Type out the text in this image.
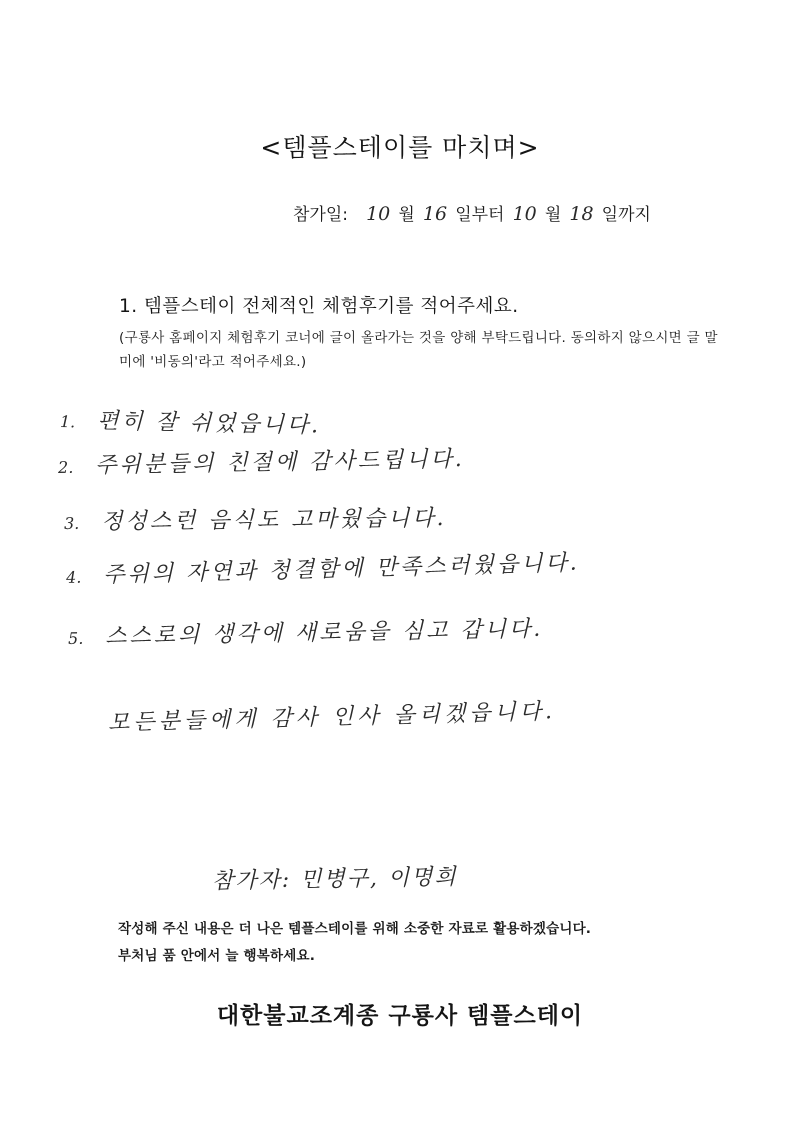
<템플스테이를 마치며>
참가일: 10 월 16 일부터 10 월 18 일까지
1. 템플스테이 전체적인 체험후기를 적어주세요.
(구룡사 홈페이지 체험후기 코너에 글이 올라가는 것을 양해 부탁드립니다. 동의하지 않으시면 글 말미에 '비동의'라고 적어주세요.)
1. 편히 잘 쉬었읍니다.
2. 주위분들의 친절에 감사드립니다.
3. 정성스런 음식도 고마웠습니다.
4. 주위의 자연과 청결함에 만족스러웠읍니다.
5. 스스로의 생각에 새로움을 심고 갑니다.
모든분들에게 감사 인사 올리겠읍니다.
참가자: 민병구, 이명희
작성해 주신 내용은 더 나은 템플스테이를 위해 소중한 자료로 활용하겠습니다.
부처님 품 안에서 늘 행복하세요.
대한불교조계종 구룡사 템플스테이
